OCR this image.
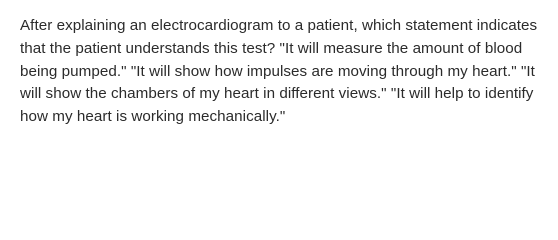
After explaining an electrocardiogram to a patient, which statement indicates that the patient understands this test? "It will measure the amount of blood being pumped." "It will show how impulses are moving through my heart." "It will show the chambers of my heart in different views." "It will help to identify how my heart is working mechanically."
